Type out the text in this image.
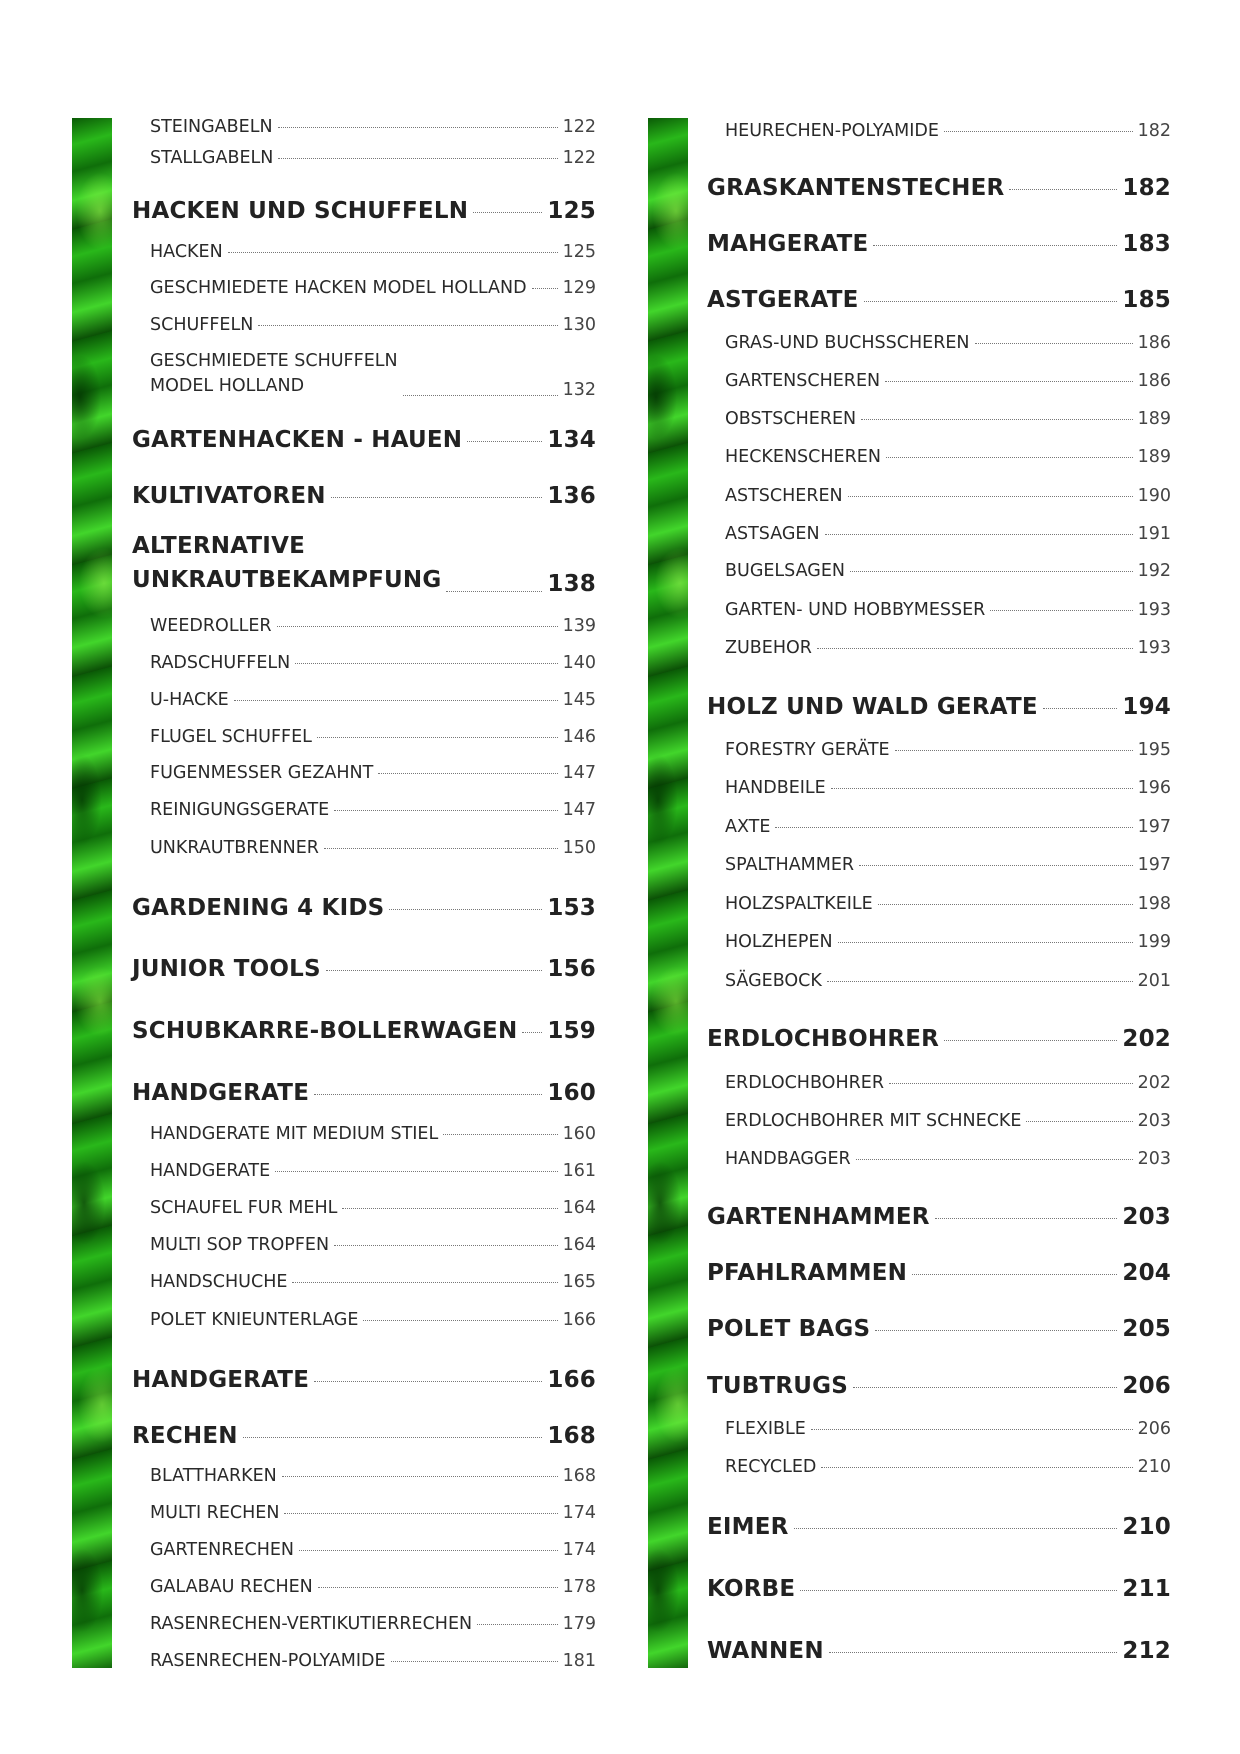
STEINGABELN	122
STALLGABELN	122
HACKEN UND SCHUFFELN	125
HACKEN	125
GESCHMIEDETE HACKEN MODEL HOLLAND 129
SCHUFFELN	130
GESCHMIEDETE SCHUFFELN
MODEL HOLLAND	132
GARTENHACKEN - HAUEN	134
KULTIVATOREN	136
ALTERNATIVE
UNKRAUTBEKAMPFUNG	138
WEEDROLLER	139
RADSCHUFFELN	140
U-HACKE	145
FLUGEL SCHUFFEL	146
FUGENMESSER GEZAHNT	147
REINIGUNGSGERATE	147
UNKRAUTBRENNER	150
GARDENING 4 KIDS	153
JUNIOR TOOLS	156
SCHUBKARRE-BOLLERWAGEN 159
HANDGERATE	160
HANDGERATE MIT MEDIUM STIEL	160
HANDGERATE	161
SCHAUFEL FUR MEHL	164
MULTI SOP TROPFEN	164
HANDSCHUCHE	165
POLET KNIEUNTERLAGE	166
HANDGERATE	166
RECHEN	168
BLATTHARKEN	168
MULTI RECHEN	174
GARTENRECHEN	174
GALABAU RECHEN	178
RASENRECHEN-VERTIKUTIERRECHEN	179
RASENRECHEN-POLYAMIDE	181
HEURECHEN-POLYAMIDE	182
GRASKANTENSTECHER	182
MAHGERATE	183
ASTGERATE	185
GRAS-UND BUCHSSCHEREN	186
GARTENSCHEREN	186
OBSTSCHEREN	189
HECKENSCHEREN	189
ASTSCHEREN	190
ASTSAGEN	191
BUGELSAGEN	192
GARTEN- UND HOBBYMESSER	193
ZUBEHOR	193
HOLZ UND WALD GERATE	194
FORESTRY GERÄTE	195
HANDBEILE	196
AXTE	197
SPALTHAMMER	197
HOLZSPALTKEILE	198
HOLZHEPEN	199
SÄGEBOCK	201
ERDLOCHBOHRER	202
ERDLOCHBOHRER	202
ERDLOCHBOHRER MIT SCHNECKE	203
HANDBAGGER	203
GARTENHAMMER	203
PFAHLRAMMEN	204
POLET BAGS	205
TUBTRUGS	206
FLEXIBLE	206
RECYCLED	210
EIMER	210
KORBE	211
WANNEN	212
